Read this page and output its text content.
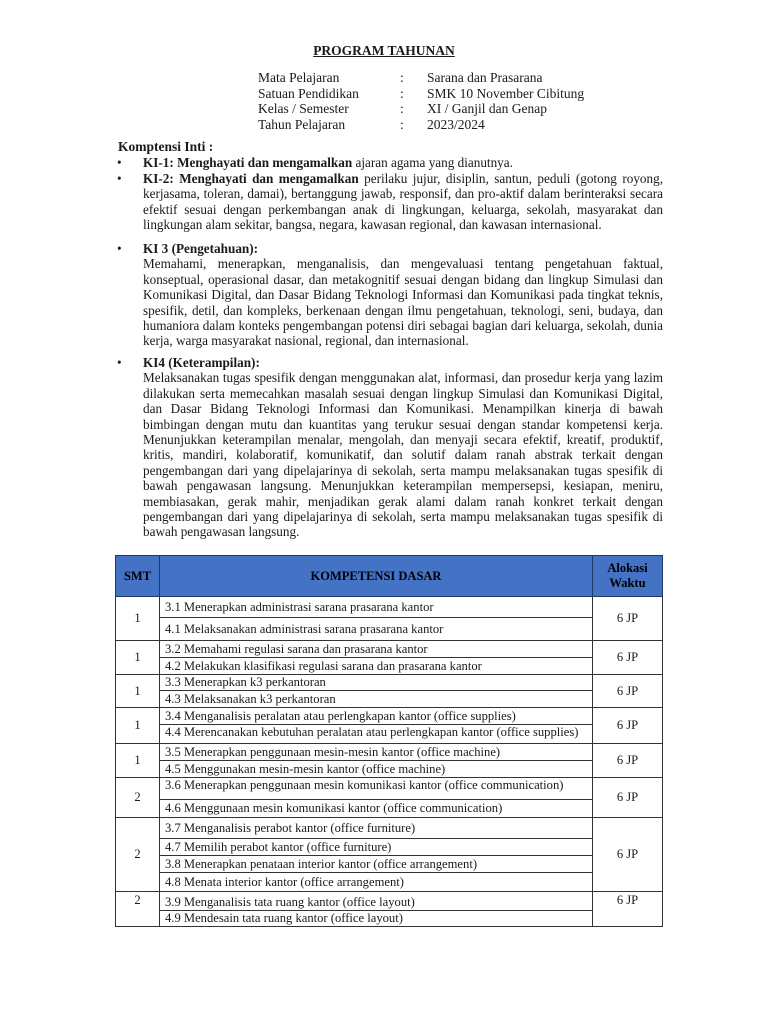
PROGRAM TAHUNAN
Mata Pelajaran	:	Sarana dan Prasarana
Satuan Pendidikan	:	SMK 10 November Cibitung
Kelas / Semester	:	XI / Ganjil dan Genap
Tahun Pelajaran	:	2023/2024
Komptensi Inti :
• KI-1: Menghayati dan mengamalkan ajaran agama yang dianutnya.
• KI-2: Menghayati dan mengamalkan perilaku jujur, disiplin, santun, peduli (gotong royong, kerjasama, toleran, damai), bertanggung jawab, responsif, dan pro-aktif dalam berinteraksi secara efektif sesuai dengan perkembangan anak di lingkungan, keluarga, sekolah, masyarakat dan lingkungan alam sekitar, bangsa, negara, kawasan regional, dan kawasan internasional.
• KI 3 (Pengetahuan):
Memahami, menerapkan, menganalisis, dan mengevaluasi tentang pengetahuan faktual, konseptual, operasional dasar, dan metakognitif sesuai dengan bidang dan lingkup Simulasi dan Komunikasi Digital, dan Dasar Bidang Teknologi Informasi dan Komunikasi pada tingkat teknis, spesifik, detil, dan kompleks, berkenaan dengan ilmu pengetahuan, teknologi, seni, budaya, dan humaniora dalam konteks pengembangan potensi diri sebagai bagian dari keluarga, sekolah, dunia kerja, warga masyarakat nasional, regional, dan internasional.
• KI4 (Keterampilan):
Melaksanakan tugas spesifik dengan menggunakan alat, informasi, dan prosedur kerja yang lazim dilakukan serta memecahkan masalah sesuai dengan lingkup Simulasi dan Komunikasi Digital, dan Dasar Bidang Teknologi Informasi dan Komunikasi. Menampilkan kinerja di bawah bimbingan dengan mutu dan kuantitas yang terukur sesuai dengan standar kompetensi kerja. Menunjukkan keterampilan menalar, mengolah, dan menyaji secara efektif, kreatif, produktif, kritis, mandiri, kolaboratif, komunikatif, dan solutif dalam ranah abstrak terkait dengan pengembangan dari yang dipelajarinya di sekolah, serta mampu melaksanakan tugas spesifik di bawah pengawasan langsung. Menunjukkan keterampilan mempersepsi, kesiapan, meniru, membiasakan, gerak mahir, menjadikan gerak alami dalam ranah konkret terkait dengan pengembangan dari yang dipelajarinya di sekolah, serta mampu melaksanakan tugas spesifik di bawah pengawasan langsung.
SMT	KOMPETENSI DASAR	Alokasi Waktu
1	3.1 Menerapkan administrasi sarana prasarana kantor
4.1 Melaksanakan administrasi sarana prasarana kantor	6 JP
1	3.2 Memahami regulasi sarana dan prasarana kantor
4.2 Melakukan klasifikasi regulasi sarana dan prasarana kantor	6 JP
1	3.3 Menerapkan k3 perkantoran
4.3 Melaksanakan k3 perkantoran	6 JP
1	3.4 Menganalisis peralatan atau perlengkapan kantor (office supplies)
4.4 Merencanakan kebutuhan peralatan atau perlengkapan kantor (office supplies)	6 JP
1	3.5 Menerapkan penggunaan mesin-mesin kantor (office machine)
4.5 Menggunakan mesin-mesin kantor (office machine)	6 JP
2	3.6 Menerapkan penggunaan mesin komunikasi kantor (office communication)
4.6 Menggunaan mesin komunikasi kantor (office communication)	6 JP
2	3.7 Menganalisis perabot kantor (office furniture)
4.7 Memilih perabot kantor (office furniture)
3.8 Menerapkan penataan interior kantor (office arrangement)
4.8 Menata interior kantor (office arrangement)	6 JP
2	3.9 Menganalisis tata ruang kantor (office layout)
4.9 Mendesain tata ruang kantor (office layout)	6 JP
